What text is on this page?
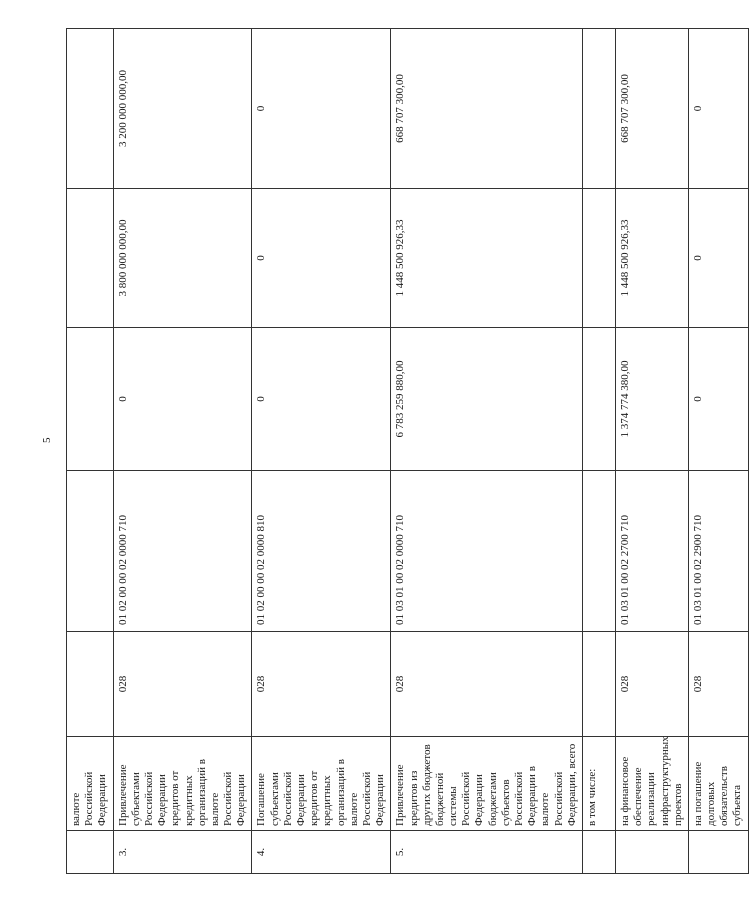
5
	валюте Российской Федерации					
3.	Привлечение субъектами Российской Федерации кредитов от кредитных организаций в валюте Российской Федерации	028	01 02 00 00 02 0000 710	0	3 800 000 000,00	3 200 000 000,00
4.	Погашение субъектами Российской Федерации кредитов от кредитных организаций в валюте Российской Федерации	028	01 02 00 00 02 0000 810	0	0	0
5.	Привлечение кредитов из других бюджетов бюджетной системы Российской Федерации бюджетами субъектов Российской Федерации в валюте Российской Федерации, всего	028	01 03 01 00 02 0000 710	6 783 259 880,00	1 448 500 926,33	668 707 300,00
	в том числе:					
	на финансовое обеспечение реализации инфраструктурных проектов	028	01 03 01 00 02 2700 710	1 374 774 380,00	1 448 500 926,33	668 707 300,00
	на погашение долговых обязательств субъекта	028	01 03 01 00 02 2900 710	0	0	0
